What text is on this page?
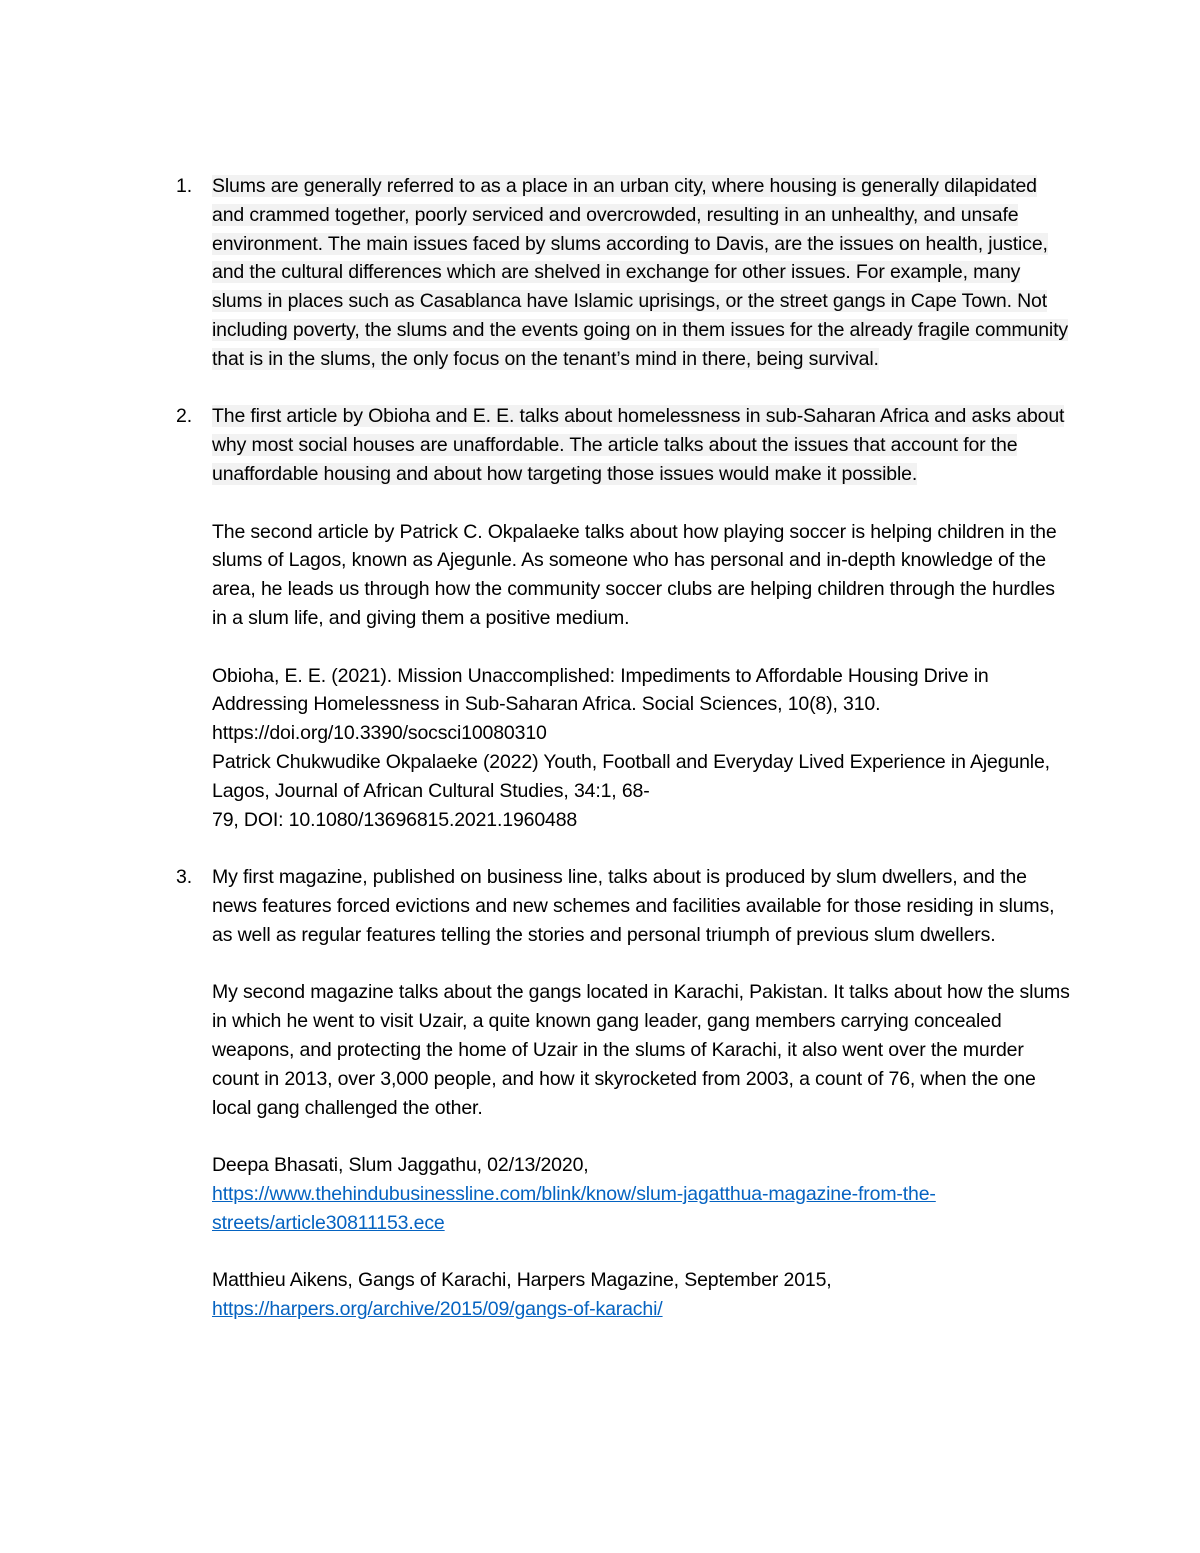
1.	Slums are generally referred to as a place in an urban city, where housing is generally dilapidated and crammed together, poorly serviced and overcrowded, resulting in an unhealthy, and unsafe environment. The main issues faced by slums according to Davis, are the issues on health, justice, and the cultural differences which are shelved in exchange for other issues. For example, many slums in places such as Casablanca have Islamic uprisings, or the street gangs in Cape Town. Not including poverty, the slums and the events going on in them issues for the already fragile community that is in the slums, the only focus on the tenant’s mind in there, being survival.

2.	The first article by Obioha and E. E. talks about homelessness in sub-Saharan Africa and asks about why most social houses are unaffordable. The article talks about the issues that account for the unaffordable housing and about how targeting those issues would make it possible.

The second article by Patrick C. Okpalaeke talks about how playing soccer is helping children in the slums of Lagos, known as Ajegunle. As someone who has personal and in-depth knowledge of the area, he leads us through how the community soccer clubs are helping children through the hurdles in a slum life, and giving them a positive medium.

Obioha, E. E. (2021). Mission Unaccomplished: Impediments to Affordable Housing Drive in Addressing Homelessness in Sub-Saharan Africa. Social Sciences, 10(8), 310. https://doi.org/10.3390/socsci10080310

Patrick Chukwudike Okpalaeke (2022) Youth, Football and Everyday Lived Experience in Ajegunle, Lagos, Journal of African Cultural Studies, 34:1, 68-

79, DOI: 10.1080/13696815.2021.1960488

3.	My first magazine, published on business line, talks about is produced by slum dwellers, and the news features forced evictions and new schemes and facilities available for those residing in slums, as well as regular features telling the stories and personal triumph of previous slum dwellers.

My second magazine talks about the gangs located in Karachi, Pakistan. It talks about how the slums in which he went to visit Uzair, a quite known gang leader, gang members carrying concealed weapons, and protecting the home of Uzair in the slums of Karachi, it also went over the murder count in 2013, over 3,000 people, and how it skyrocketed from 2003, a count of 76, when the one local gang challenged the other.

Deepa Bhasati, Slum Jaggathu, 02/13/2020,
https://www.thehindubusinessline.com/blink/know/slum-jagatthua-magazine-from-the-streets/article30811153.ece

Matthieu Aikens, Gangs of Karachi, Harpers Magazine, September 2015,
https://harpers.org/archive/2015/09/gangs-of-karachi/
